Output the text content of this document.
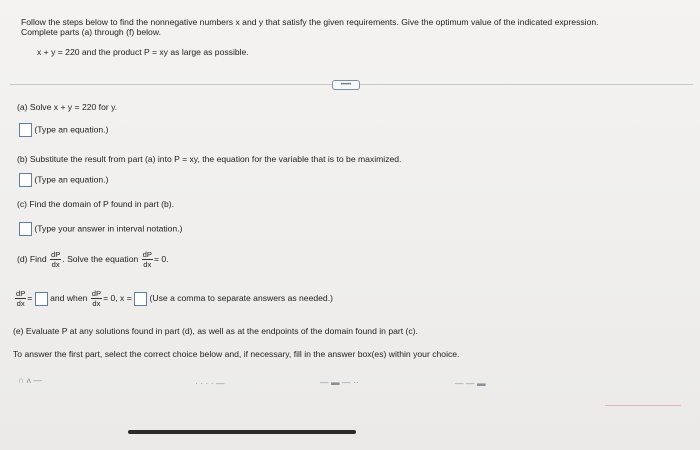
Follow the steps below to find the nonnegative numbers x and y that satisfy the given requirements. Give the optimum value of the indicated expression.
Complete parts (a) through (f) below.
x + y = 220 and the product P = xy as large as possible.
•••••
(a) Solve x + y = 220 for y.
(Type an equation.)
(b) Substitute the result from part (a) into P = xy, the equation for the variable that is to be maximized.
(Type an equation.)
(c) Find the domain of P found in part (b).
(Type your answer in interval notation.)
(d) Find $\frac{dP}{dx}$ . Solve the equation $\frac{dP}{dx} = 0$.
$\frac{dP}{dx}$ = and when $\frac{dP}{dx} = 0$, x = (Use a comma to separate answers as needed.)
(e) Evaluate P at any solutions found in part (d), as well as at the endpoints of the domain found in part (c).
To answer the first part, select the correct choice below and, if necessary, fill in the answer box(es) within your choice.
∩ ʌ —	· · · · —	— ▬ — ··	— — ▬
